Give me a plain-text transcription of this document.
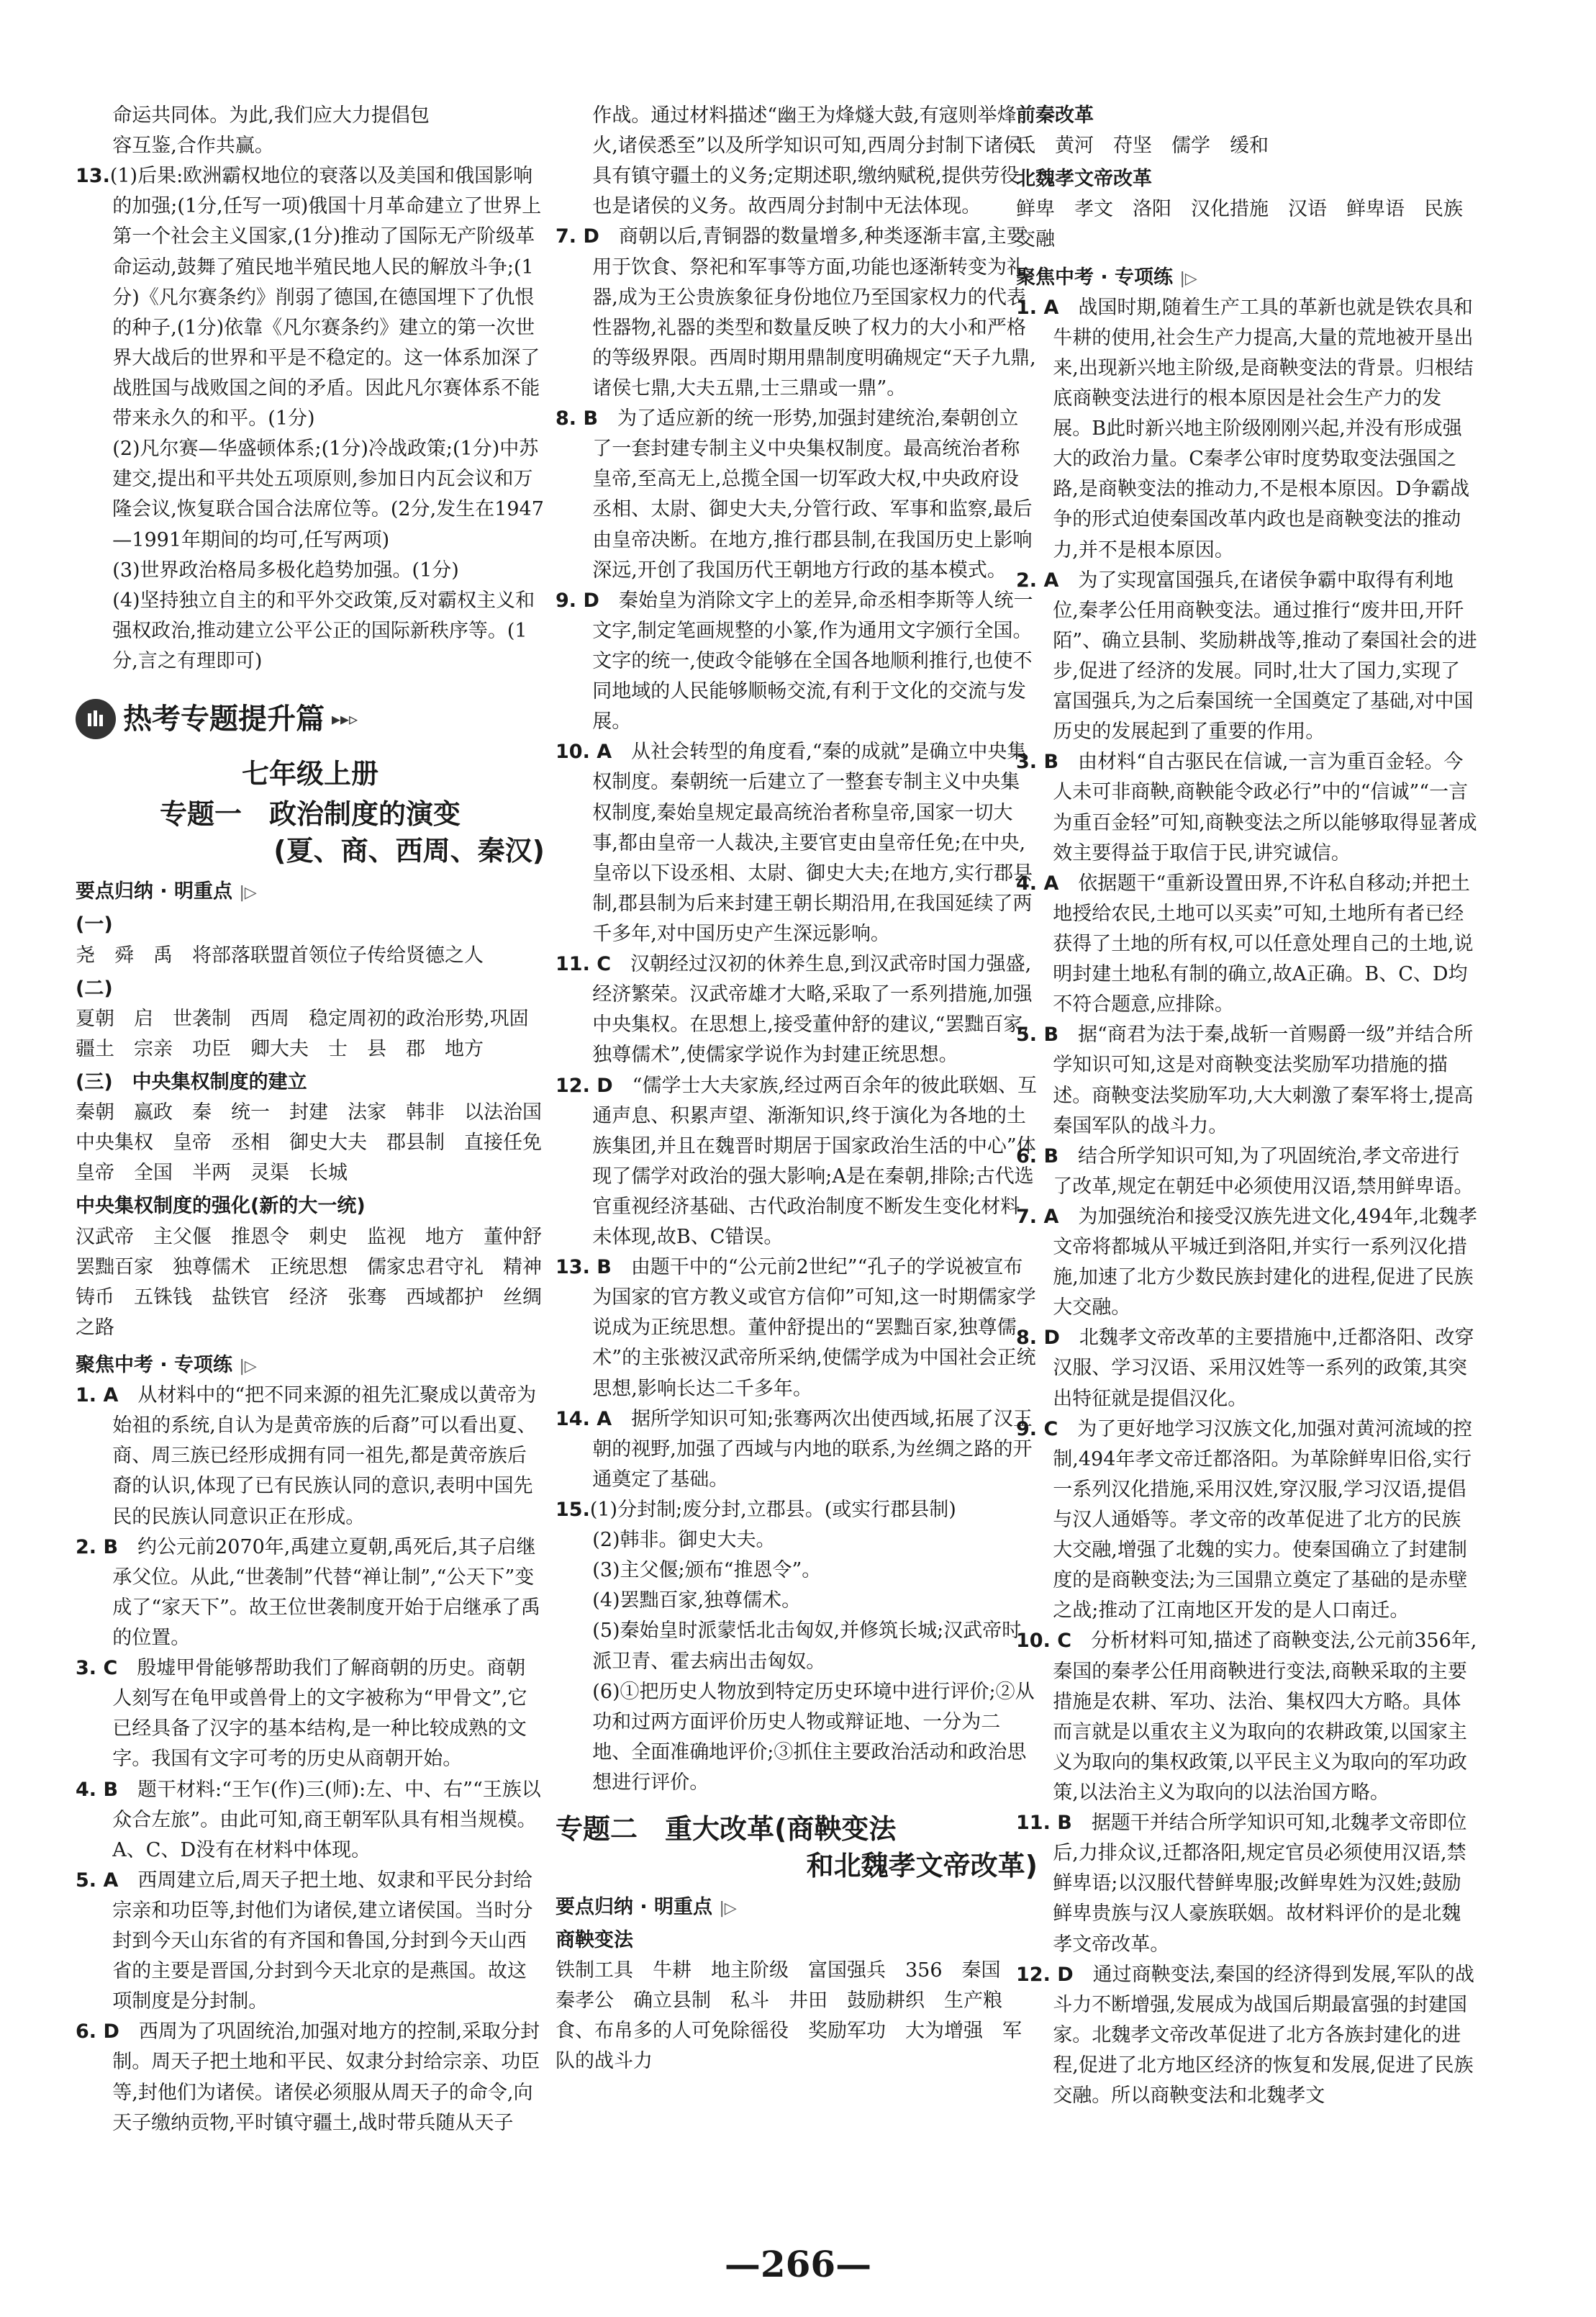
命运共同体。为此,我们应大力提倡包
容互鉴,合作共赢。
13.(1)后果:欧洲霸权地位的衰落以及美国和俄国影响的加强;(1分,任写一项)俄国十月革命建立了世界上第一个社会主义国家,(1分)推动了国际无产阶级革命运动,鼓舞了殖民地半殖民地人民的解放斗争;(1分)《凡尔赛条约》削弱了德国,在德国埋下了仇恨的种子,(1分)依靠《凡尔赛条约》建立的第一次世界大战后的世界和平是不稳定的。这一体系加深了战胜国与战败国之间的矛盾。因此凡尔赛体系不能带来永久的和平。(1分)
(2)凡尔赛—华盛顿体系;(1分)冷战政策;(1分)中苏建交,提出和平共处五项原则,参加日内瓦会议和万隆会议,恢复联合国合法席位等。(2分,发生在1947—1991年期间的均可,任写两项)
(3)世界政治格局多极化趋势加强。(1分)
(4)坚持独立自主的和平外交政策,反对霸权主义和强权政治,推动建立公平公正的国际新秩序等。(1分,言之有理即可)
热考专题提升篇 ▸▸▹
七年级上册
专题一　政治制度的演变
(夏、商、西周、秦汉)
要点归纳 · 明重点 |▷
(一)
尧　舜　禹　将部落联盟首领位子传给贤德之人
(二)
夏朝　启　世袭制　西周　稳定周初的政治形势,巩固疆土　宗亲　功臣　卿大夫　士　县　郡　地方
(三)　中央集权制度的建立
秦朝　嬴政　秦　统一　封建　法家　韩非　以法治国　中央集权　皇帝　丞相　御史大夫　郡县制　直接任免　皇帝　全国　半两　灵渠　长城
中央集权制度的强化(新的大一统)
汉武帝　主父偃　推恩令　刺史　监视　地方　董仲舒　罢黜百家　独尊儒术　正统思想　儒家忠君守礼　精神　铸币　五铢钱　盐铁官　经济　张骞　西域都护　丝绸之路
聚焦中考 · 专项练 |▷
1. A　 从材料中的“把不同来源的祖先汇聚成以黄帝为始祖的系统,自认为是黄帝族的后裔”可以看出夏、商、周三族已经形成拥有同一祖先,都是黄帝族后裔的认识,体现了已有民族认同的意识,表明中国先民的民族认同意识正在形成。
2. B　 约公元前2070年,禹建立夏朝,禹死后,其子启继承父位。从此,“世袭制”代替“禅让制”,“公天下”变成了“家天下”。故王位世袭制度开始于启继承了禹的位置。
3. C　 殷墟甲骨能够帮助我们了解商朝的历史。商朝人刻写在龟甲或兽骨上的文字被称为“甲骨文”,它已经具备了汉字的基本结构,是一种比较成熟的文字。我国有文字可考的历史从商朝开始。
4. B　 题干材料:“王乍(作)三(师):左、中、右”“王族以众合左旅”。由此可知,商王朝军队具有相当规模。A、C、D没有在材料中体现。
5. A　 西周建立后,周天子把土地、奴隶和平民分封给宗亲和功臣等,封他们为诸侯,建立诸侯国。当时分封到今天山东省的有齐国和鲁国,分封到今天山西省的主要是晋国,分封到今天北京的是燕国。故这项制度是分封制。
6. D　 西周为了巩固统治,加强对地方的控制,采取分封制。周天子把土地和平民、奴隶分封给宗亲、功臣等,封他们为诸侯。诸侯必须服从周天子的命令,向天子缴纳贡物,平时镇守疆土,战时带兵随从天子
作战。通过材料描述“幽王为烽燧大鼓,有寇则举烽火,诸侯悉至”以及所学知识可知,西周分封制下诸侯具有镇守疆土的义务;定期述职,缴纳赋税,提供劳役也是诸侯的义务。故西周分封制中无法体现。
7. D　 商朝以后,青铜器的数量增多,种类逐渐丰富,主要用于饮食、祭祀和军事等方面,功能也逐渐转变为礼器,成为王公贵族象征身份地位乃至国家权力的代表性器物,礼器的类型和数量反映了权力的大小和严格的等级界限。西周时期用鼎制度明确规定“天子九鼎,诸侯七鼎,大夫五鼎,士三鼎或一鼎”。
8. B　 为了适应新的统一形势,加强封建统治,秦朝创立了一套封建专制主义中央集权制度。最高统治者称皇帝,至高无上,总揽全国一切军政大权,中央政府设丞相、太尉、御史大夫,分管行政、军事和监察,最后由皇帝决断。在地方,推行郡县制,在我国历史上影响深远,开创了我国历代王朝地方行政的基本模式。
9. D　 秦始皇为消除文字上的差异,命丞相李斯等人统一文字,制定笔画规整的小篆,作为通用文字颁行全国。文字的统一,使政令能够在全国各地顺利推行,也使不同地域的人民能够顺畅交流,有利于文化的交流与发展。
10. A　 从社会转型的角度看,“秦的成就”是确立中央集权制度。秦朝统一后建立了一整套专制主义中央集权制度,秦始皇规定最高统治者称皇帝,国家一切大事,都由皇帝一人裁决,主要官吏由皇帝任免;在中央,皇帝以下设丞相、太尉、御史大夫;在地方,实行郡县制,郡县制为后来封建王朝长期沿用,在我国延续了两千多年,对中国历史产生深远影响。
11. C　 汉朝经过汉初的休养生息,到汉武帝时国力强盛,经济繁荣。汉武帝雄才大略,采取了一系列措施,加强中央集权。在思想上,接受董仲舒的建议,“罢黜百家,独尊儒术”,使儒家学说作为封建正统思想。
12. D　 “儒学士大夫家族,经过两百余年的彼此联姻、互通声息、积累声望、渐渐知识,终于演化为各地的土族集团,并且在魏晋时期居于国家政治生活的中心”体现了儒学对政治的强大影响;A是在秦朝,排除;古代选官重视经济基础、古代政治制度不断发生变化材料未体现,故B、C错误。
13. B　 由题干中的“公元前2世纪”“孔子的学说被宣布为国家的官方教义或官方信仰”可知,这一时期儒家学说成为正统思想。董仲舒提出的“罢黜百家,独尊儒术”的主张被汉武帝所采纳,使儒学成为中国社会正统思想,影响长达二千多年。
14. A　 据所学知识可知;张骞两次出使西域,拓展了汉王朝的视野,加强了西域与内地的联系,为丝绸之路的开通奠定了基础。
15.(1)分封制;废分封,立郡县。(或实行郡县制)
(2)韩非。御史大夫。
(3)主父偃;颁布“推恩令”。
(4)罢黜百家,独尊儒术。
(5)秦始皇时派蒙恬北击匈奴,并修筑长城;汉武帝时派卫青、霍去病出击匈奴。
(6)①把历史人物放到特定历史环境中进行评价;②从功和过两方面评价历史人物或辩证地、一分为二地、全面准确地评价;③抓住主要政治活动和政治思想进行评价。
专题二　重大改革(商鞅变法
和北魏孝文帝改革)
要点归纳 · 明重点 |▷
商鞅变法
铁制工具　牛耕　地主阶级　富国强兵　356　秦国　秦孝公　确立县制　私斗　井田　鼓励耕织　生产粮食、布帛多的人可免除徭役　奖励军功　大为增强　军队的战斗力
前秦改革
氐　黄河　苻坚　儒学　缓和
北魏孝文帝改革
鲜卑　孝文　洛阳　汉化措施　汉语　鲜卑语　民族交融
聚焦中考 · 专项练 |▷
1. A　 战国时期,随着生产工具的革新也就是铁农具和牛耕的使用,社会生产力提高,大量的荒地被开垦出来,出现新兴地主阶级,是商鞅变法的背景。归根结底商鞅变法进行的根本原因是社会生产力的发展。B此时新兴地主阶级刚刚兴起,并没有形成强大的政治力量。C秦孝公审时度势取变法强国之路,是商鞅变法的推动力,不是根本原因。D争霸战争的形式迫使秦国改革内政也是商鞅变法的推动力,并不是根本原因。
2. A　 为了实现富国强兵,在诸侯争霸中取得有利地位,秦孝公任用商鞅变法。通过推行“废井田,开阡陌”、确立县制、奖励耕战等,推动了秦国社会的进步,促进了经济的发展。同时,壮大了国力,实现了富国强兵,为之后秦国统一全国奠定了基础,对中国历史的发展起到了重要的作用。
3. B　 由材料“自古驱民在信诚,一言为重百金轻。今人未可非商鞅,商鞅能令政必行”中的“信诚”“一言为重百金轻”可知,商鞅变法之所以能够取得显著成效主要得益于取信于民,讲究诚信。
4. A　 依据题干“重新设置田界,不许私自移动;并把土地授给农民,土地可以买卖”可知,土地所有者已经获得了土地的所有权,可以任意处理自己的土地,说明封建土地私有制的确立,故A正确。B、C、D均不符合题意,应排除。
5. B　 据“商君为法于秦,战斩一首赐爵一级”并结合所学知识可知,这是对商鞅变法奖励军功措施的描述。商鞅变法奖励军功,大大刺激了秦军将士,提高秦国军队的战斗力。
6. B　 结合所学知识可知,为了巩固统治,孝文帝进行了改革,规定在朝廷中必须使用汉语,禁用鲜卑语。
7. A　 为加强统治和接受汉族先进文化,494年,北魏孝文帝将都城从平城迁到洛阳,并实行一系列汉化措施,加速了北方少数民族封建化的进程,促进了民族大交融。
8. D　 北魏孝文帝改革的主要措施中,迁都洛阳、改穿汉服、学习汉语、采用汉姓等一系列的政策,其突出特征就是提倡汉化。
9. C　 为了更好地学习汉族文化,加强对黄河流域的控制,494年孝文帝迁都洛阳。为革除鲜卑旧俗,实行一系列汉化措施,采用汉姓,穿汉服,学习汉语,提倡与汉人通婚等。孝文帝的改革促进了北方的民族大交融,增强了北魏的实力。使秦国确立了封建制度的是商鞅变法;为三国鼎立奠定了基础的是赤壁之战;推动了江南地区开发的是人口南迁。
10. C　 分析材料可知,描述了商鞅变法,公元前356年,秦国的秦孝公任用商鞅进行变法,商鞅采取的主要措施是农耕、军功、法治、集权四大方略。具体而言就是以重农主义为取向的农耕政策,以国家主义为取向的集权政策,以平民主义为取向的军功政策,以法治主义为取向的以法治国方略。
11. B　 据题干并结合所学知识可知,北魏孝文帝即位后,力排众议,迁都洛阳,规定官员必须使用汉语,禁鲜卑语;以汉服代替鲜卑服;改鲜卑姓为汉姓;鼓励鲜卑贵族与汉人豪族联姻。故材料评价的是北魏孝文帝改革。
12. D　 通过商鞅变法,秦国的经济得到发展,军队的战斗力不断增强,发展成为战国后期最富强的封建国家。北魏孝文帝改革促进了北方各族封建化的进程,促进了北方地区经济的恢复和发展,促进了民族交融。所以商鞅变法和北魏孝文
—266—
